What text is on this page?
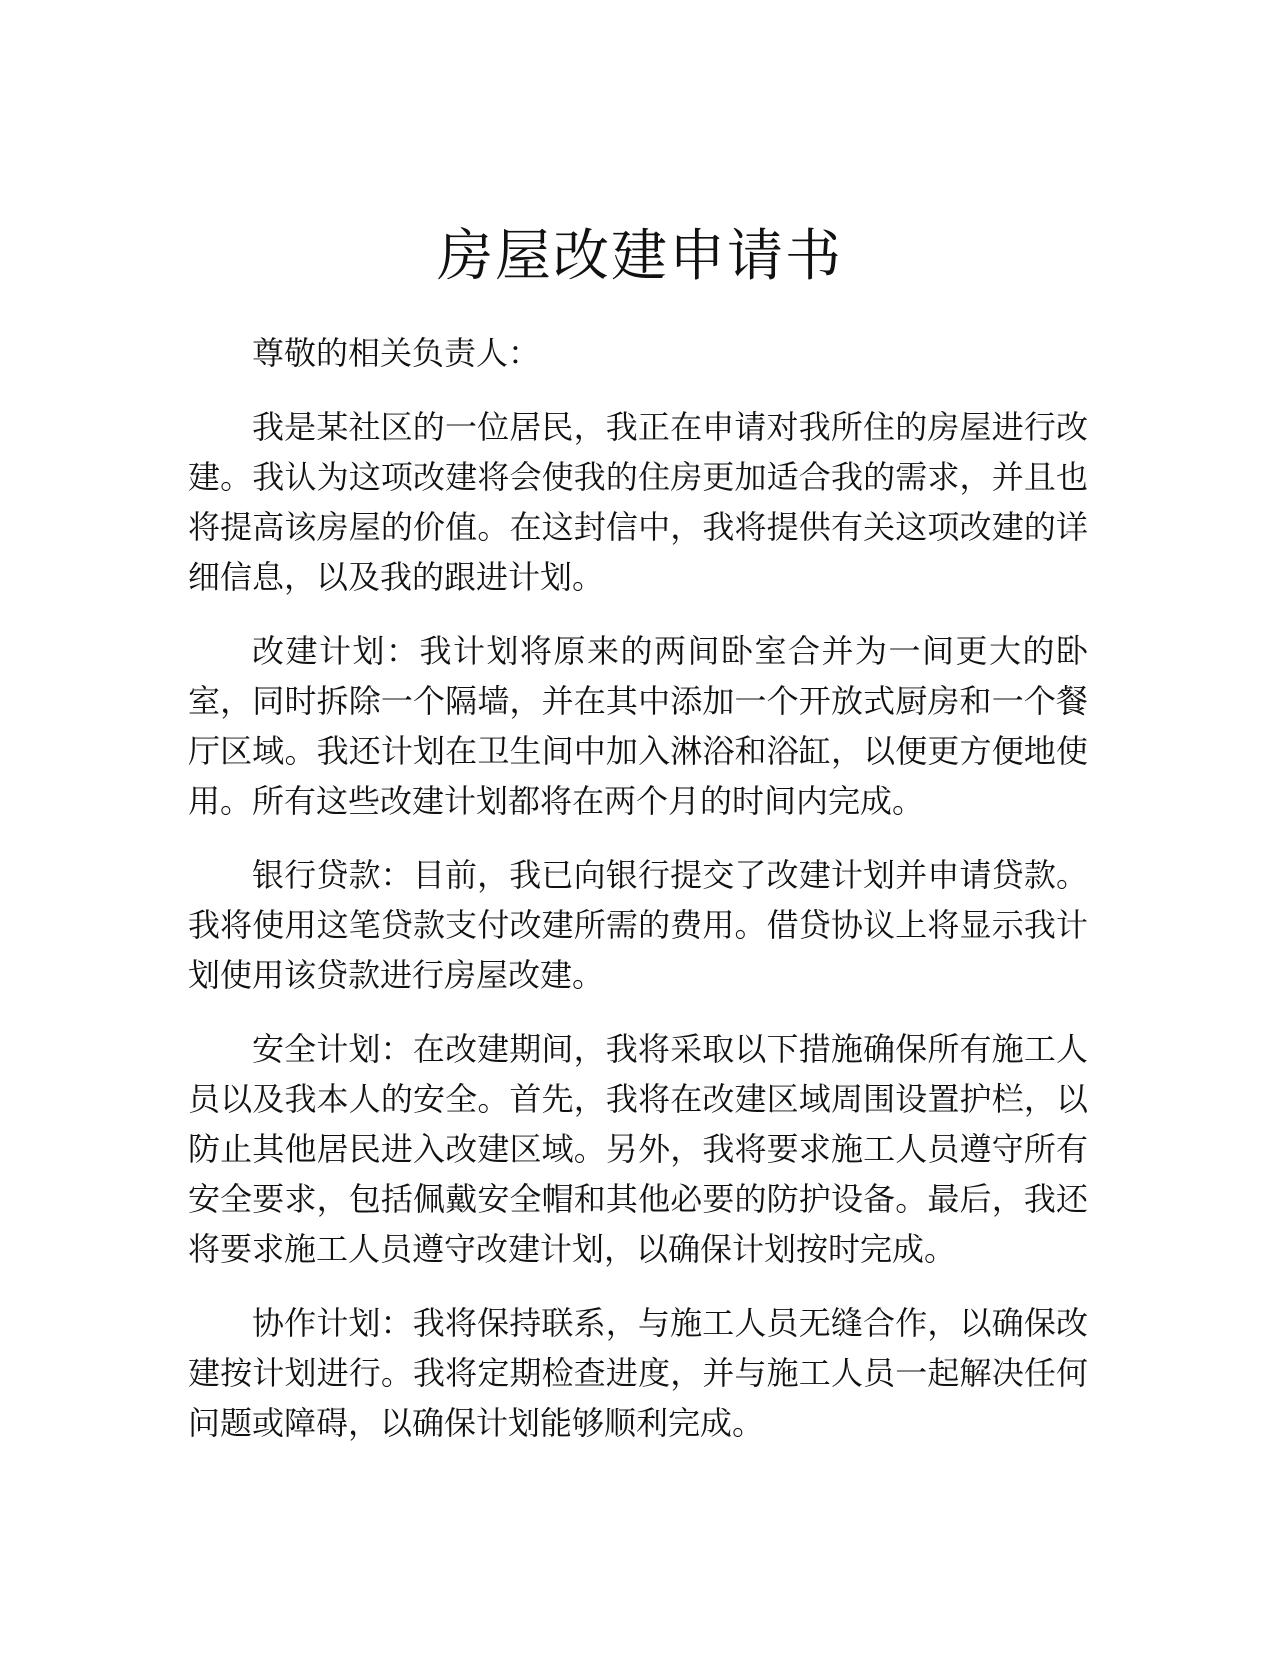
房屋改建申请书

尊敬的相关负责人：

我是某社区的一位居民，我正在申请对我所住的房屋进行改建。我认为这项改建将会使我的住房更加适合我的需求，并且也将提高该房屋的价值。在这封信中，我将提供有关这项改建的详细信息，以及我的跟进计划。

改建计划：我计划将原来的两间卧室合并为一间更大的卧室，同时拆除一个隔墙，并在其中添加一个开放式厨房和一个餐厅区域。我还计划在卫生间中加入淋浴和浴缸，以便更方便地使用。所有这些改建计划都将在两个月的时间内完成。

银行贷款：目前，我已向银行提交了改建计划并申请贷款。我将使用这笔贷款支付改建所需的费用。借贷协议上将显示我计划使用该贷款进行房屋改建。

安全计划：在改建期间，我将采取以下措施确保所有施工人员以及我本人的安全。首先，我将在改建区域周围设置护栏，以防止其他居民进入改建区域。另外，我将要求施工人员遵守所有安全要求，包括佩戴安全帽和其他必要的防护设备。最后，我还将要求施工人员遵守改建计划，以确保计划按时完成。

协作计划：我将保持联系，与施工人员无缝合作，以确保改建按计划进行。我将定期检查进度，并与施工人员一起解决任何问题或障碍，以确保计划能够顺利完成。
